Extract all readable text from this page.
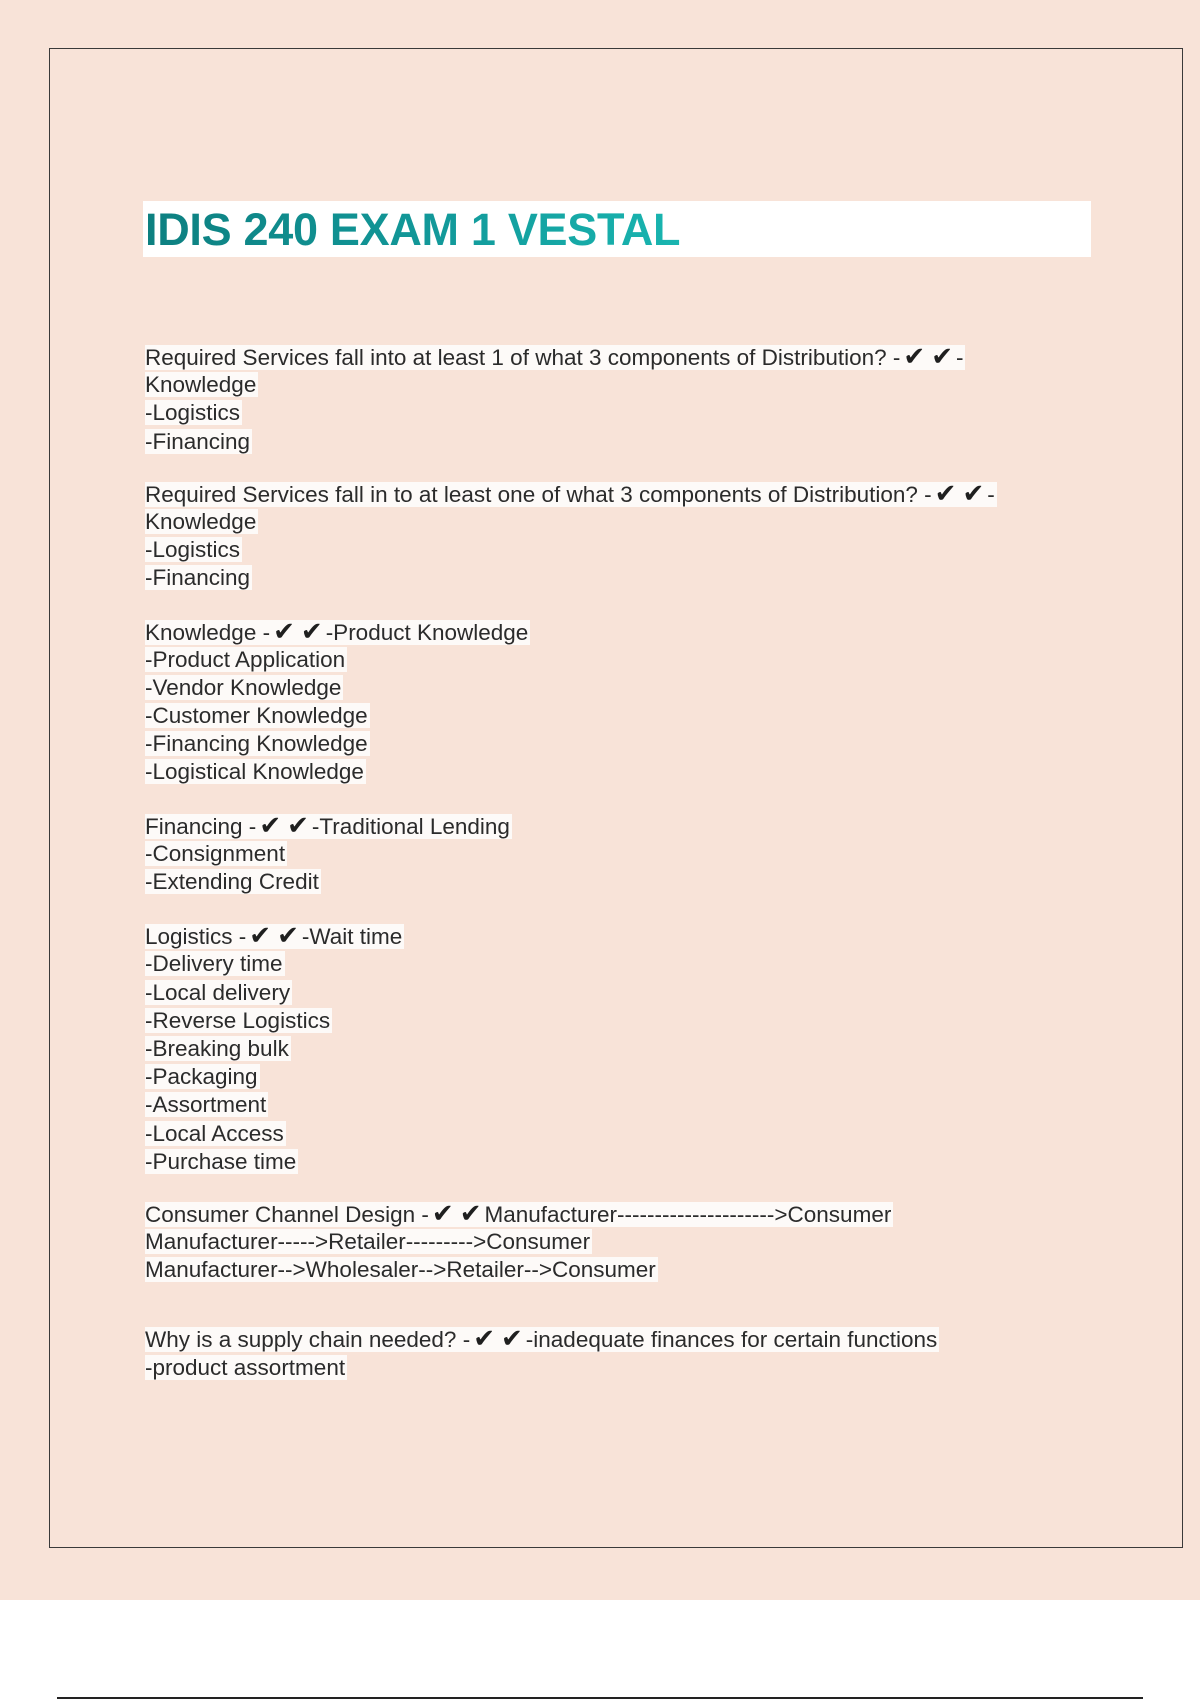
IDIS 240 EXAM 1 VESTAL
Required Services fall into at least 1 of what 3 components of Distribution? - ✔ ✔ -
Knowledge
-Logistics
-Financing
Required Services fall in to at least one of what 3 components of Distribution? - ✔ ✔ -
Knowledge
-Logistics
-Financing
Knowledge - ✔ ✔ -Product Knowledge
-Product Application
-Vendor Knowledge
-Customer Knowledge
-Financing Knowledge
-Logistical Knowledge
Financing - ✔ ✔ -Traditional Lending
-Consignment
-Extending Credit
Logistics - ✔ ✔ -Wait time
-Delivery time
-Local delivery
-Reverse Logistics
-Breaking bulk
-Packaging
-Assortment
-Local Access
-Purchase time
Consumer Channel Design - ✔ ✔ Manufacturer--------------------->Consumer
Manufacturer----->Retailer--------->Consumer
Manufacturer-->Wholesaler-->Retailer-->Consumer
Why is a supply chain needed? - ✔ ✔ -inadequate finances for certain functions
-product assortment
